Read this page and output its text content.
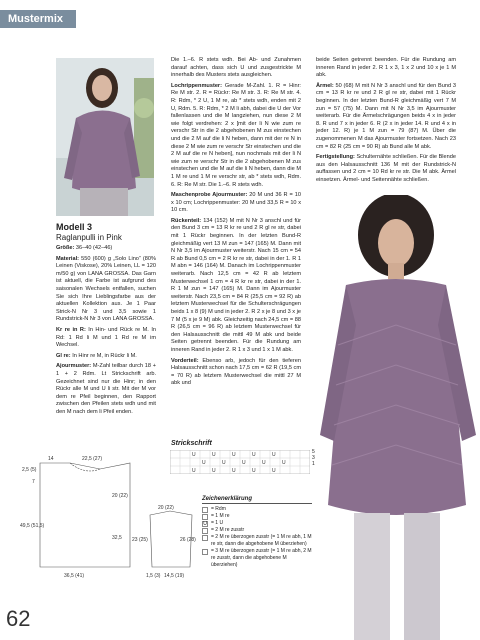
Mustermix
Modell 3
Raglanpulli in Pink

Größe: 36–40 (42–46)

Material: 550 (600) g „Solo Lino“ (80% Leinen (Viskose), 20% Leinen, LL = 120 m/50 g) von LANA GROSSA. Das Garn ist aktuell, die Farbe ist aufgrund des saisonalen Wechsels entfallen, suchen Sie sich Ihre Lieblingsfarbe aus der aktuellen Kollektion aus. Je 1 Paar Strick-N Nr 3 und 3,5 sowie 1 Rundstrick-N Nr 3 von LANA GROSSA.

Kr re in R: In Hin- und Rück re M. In Rd: 1 Rd li M und 1 Rd re M im Wechsel.

Gl re: In Hinr re M, in Rückr li M.

Ajourmuster: M-Zahl teilbar durch 18 + 1 + 2 Rdm. Lt Strickschrift arb. Gezeichnet sind nur die Hinr; in den Rückr alle M und U li str. Mit der M vor dem re Pfeil beginnen, den Rapport zwischen den Pfeilen stets wdh und mit den M nach dem li Pfeil enden.

Die 1.–6. R stets wdh. Bei Ab- und Zunahmen darauf achten, dass sich U und zusgestrickte M innerhalb des Musters stets ausgleichen.

Lochrippenmuster: Gerade M-Zahl. 1. R = Hinr: Re M str. 2. R = Rückr: Re M str. 3. R: Re M str. 4. R: Rdm, * 2 U, 1 M re, ab * stets wdh, enden mit 2 U, Rdm. 5. R: Rdm, * 2 M li abh, dabei die U der Vor fallenlassen und die M langziehen, nun diese 2 M wie folgt verdrehen: 2 x [mit der li N wie zum re verschr Str in die 2 abgehobenen M zus einstechen und die 2 M auf die li N heben, dann mit der re N in diese 2 M wie zum re verschr Str einstechen und die 2 M auf die re N heben], nun nochmals mit der li N wie zum re verschr Str in die 2 abgehobenen M zus einstechen und die M auf die li N heben, dann die M 1 M re und 1 M re verschr str, ab * stets wdh, Rdm. 6. R: Re M str. Die 1.–6. R stets wdh.

Maschenprobe Ajourmuster: 20 M und 36 R = 10 x 10 cm; Lochrippenmuster: 20 M und 33,5 R = 10 x 10 cm.

Rückenteil: 134 (152) M mit N Nr 3 anschl und für den Bund 3 cm = 13 R kr re und 2 R gl re str, dabei mit 1 Rückr beginnen. In der letzten Bund-R gleichmäßig vert 13 M zun = 147 (165) M. Dann mit N Nr 3,5 im Ajourmuster weiterstr. Nach 15 cm = 54 R ab Bund 0,5 cm = 2 R kr re str, dabei in der 1. R 1 M abn = 146 (164) M. Danach im Lochrippenmuster weiterarb. Nach 12,5 cm = 42 R ab letztem Musterwechsel 1 cm = 4 R kr re str, dabei in der 1. R 1 M zun = 147 (165) M. Dann im Ajourmuster weiterstr. Nach 23,5 cm = 84 R (25,5 cm = 92 R) ab letztem Musterwechsel für die Schulterschrägungen beids 1 x 8 (9) M und in jeder 2. R 2 x je 8 und 3 x je 7 M (5 x je 9 M) abk. Gleichzeitig nach 24,5 cm = 88 R (26,5 cm = 96 R) ab letztem Musterwechsel für den Halsausschnitt die mittl 49 M abk und beide Seiten getrennt beenden. Für die Rundung am inneren Rand in jeder 2. R 1 x 3 und 1 x 1 M abk.

Vorderteil: Ebenso arb, jedoch für den tieferen Halsausschnitt schon nach 17,5 cm = 62 R (19,5 cm = 70 R) ab letztem Musterwechsel die mittl 27 M abk und

beide Seiten getrennt beenden. Für die Rundung am inneren Rand in jeder 2. R 1 x 3, 1 x 2 und 10 x je 1 M abk.

Ärmel: 50 (68) M mit N Nr 3 anschl und für den Bund 3 cm = 13 R kr re und 2 R gl re str, dabei mit 1 Rückr beginnen. In der letzten Bund-R gleichmäßig vert 7 M zun = 57 (75) M. Dann mit N Nr 3,5 im Ajourmuster weiterarb. Für die Ärmelschrägungen beids 4 x in jeder 8. R und 7 x in jeder 6. R (2 x in jeder 14. R und 4 x in jeder 12. R) je 1 M zun = 79 (87) M. Über die zugenommenen M das Ajourmuster fortsetzen. Nach 23 cm = 82 R (25 cm = 90 R) ab Bund alle M abk.

Fertigstellung: Schulternähte schließen. Für die Blende aus den Halsausschnitt 136 M mit der Rundstrick-N auffassen und 2 cm = 10 Rd kr re str. Die M abk. Ärmel einsetzen. Ärmel- und Seitennähte schließen.

Strickschrift
U	U	U	U	U
U	U	U	U	U
U	U	U	U	U
5
3
1
Zeichenerklärung
= Rdm
= 1 M re
U = 1 U
= 2 M re zusstr
= 2 M re überzogen zusstr (= 1 M re abh, 1 M re str, dann die abgehobene M überziehen)
= 3 M re überzogen zusstr (= 1 M re abh, 2 M re zusstr, dann die abgehobene M überziehen)
14	22,5 (27)
2,5 (5)
7
20 (22)
49,5 (51,5)
32,5
36,5 (41)
20 (22)
23 (25)	26 (28)
1,5 (3) 14,5 (19)
62
